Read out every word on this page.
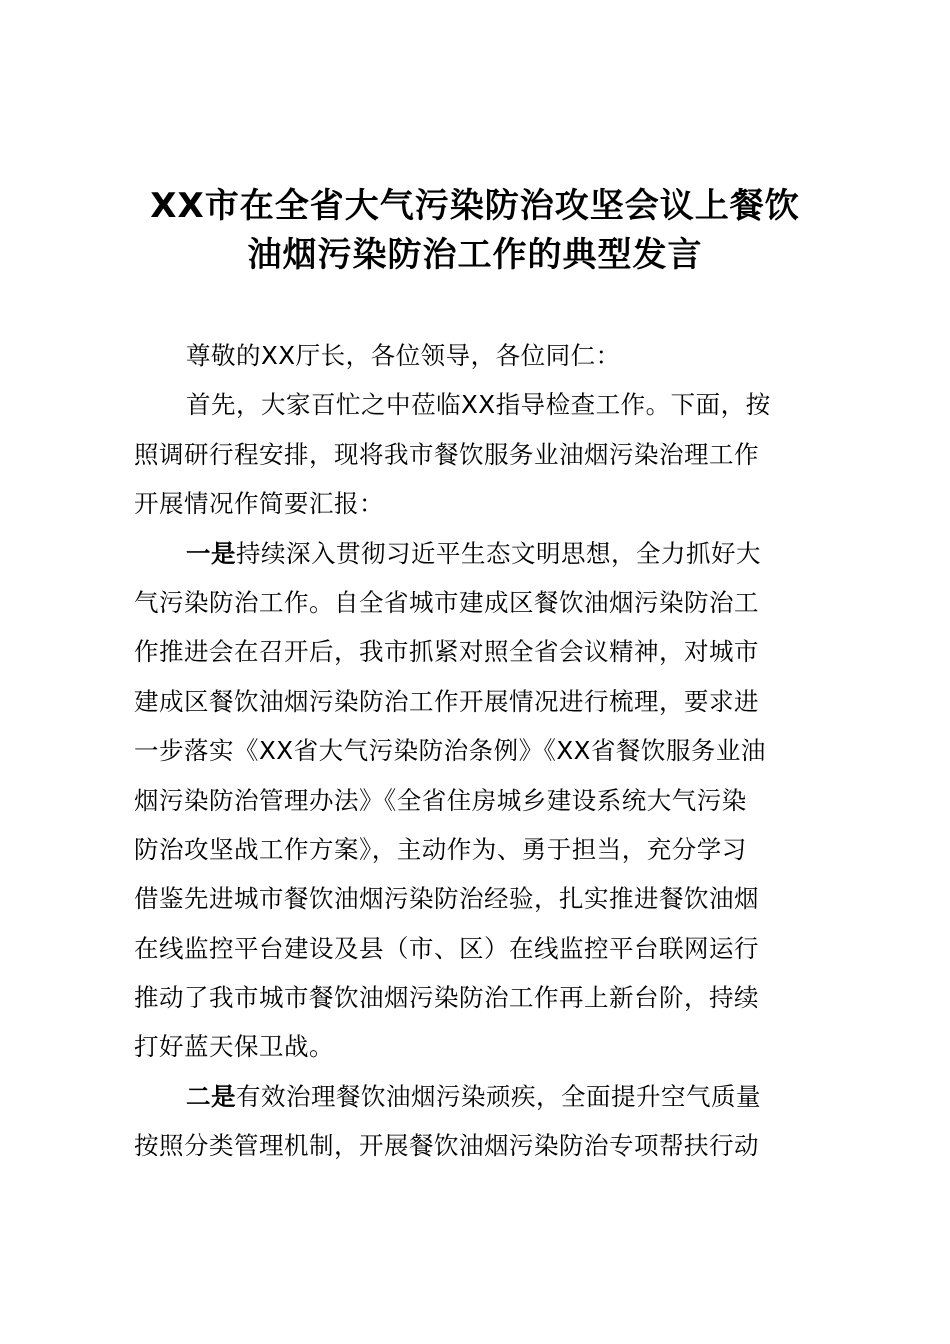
XX市在全省大气污染防治攻坚会议上餐饮
油烟污染防治工作的典型发言
尊敬的XX厅长，各位领导，各位同仁：
首先，大家百忙之中莅临XX指导检查工作。下面，按
照调研行程安排，现将我市餐饮服务业油烟污染治理工作
开展情况作简要汇报：
一是持续深入贯彻习近平生态文明思想，全力抓好大
气污染防治工作。自全省城市建成区餐饮油烟污染防治工
作推进会在召开后，我市抓紧对照全省会议精神，对城市
建成区餐饮油烟污染防治工作开展情况进行梳理，要求进
一步落实《XX省大气污染防治条例》《XX省餐饮服务业油
烟污染防治管理办法》《全省住房城乡建设系统大气污染
防治攻坚战工作方案》，主动作为、勇于担当，充分学习
借鉴先进城市餐饮油烟污染防治经验，扎实推进餐饮油烟
在线监控平台建设及县（市、区）在线监控平台联网运行
推动了我市城市餐饮油烟污染防治工作再上新台阶，持续
打好蓝天保卫战。
二是有效治理餐饮油烟污染顽疾，全面提升空气质量
按照分类管理机制，开展餐饮油烟污染防治专项帮扶行动
